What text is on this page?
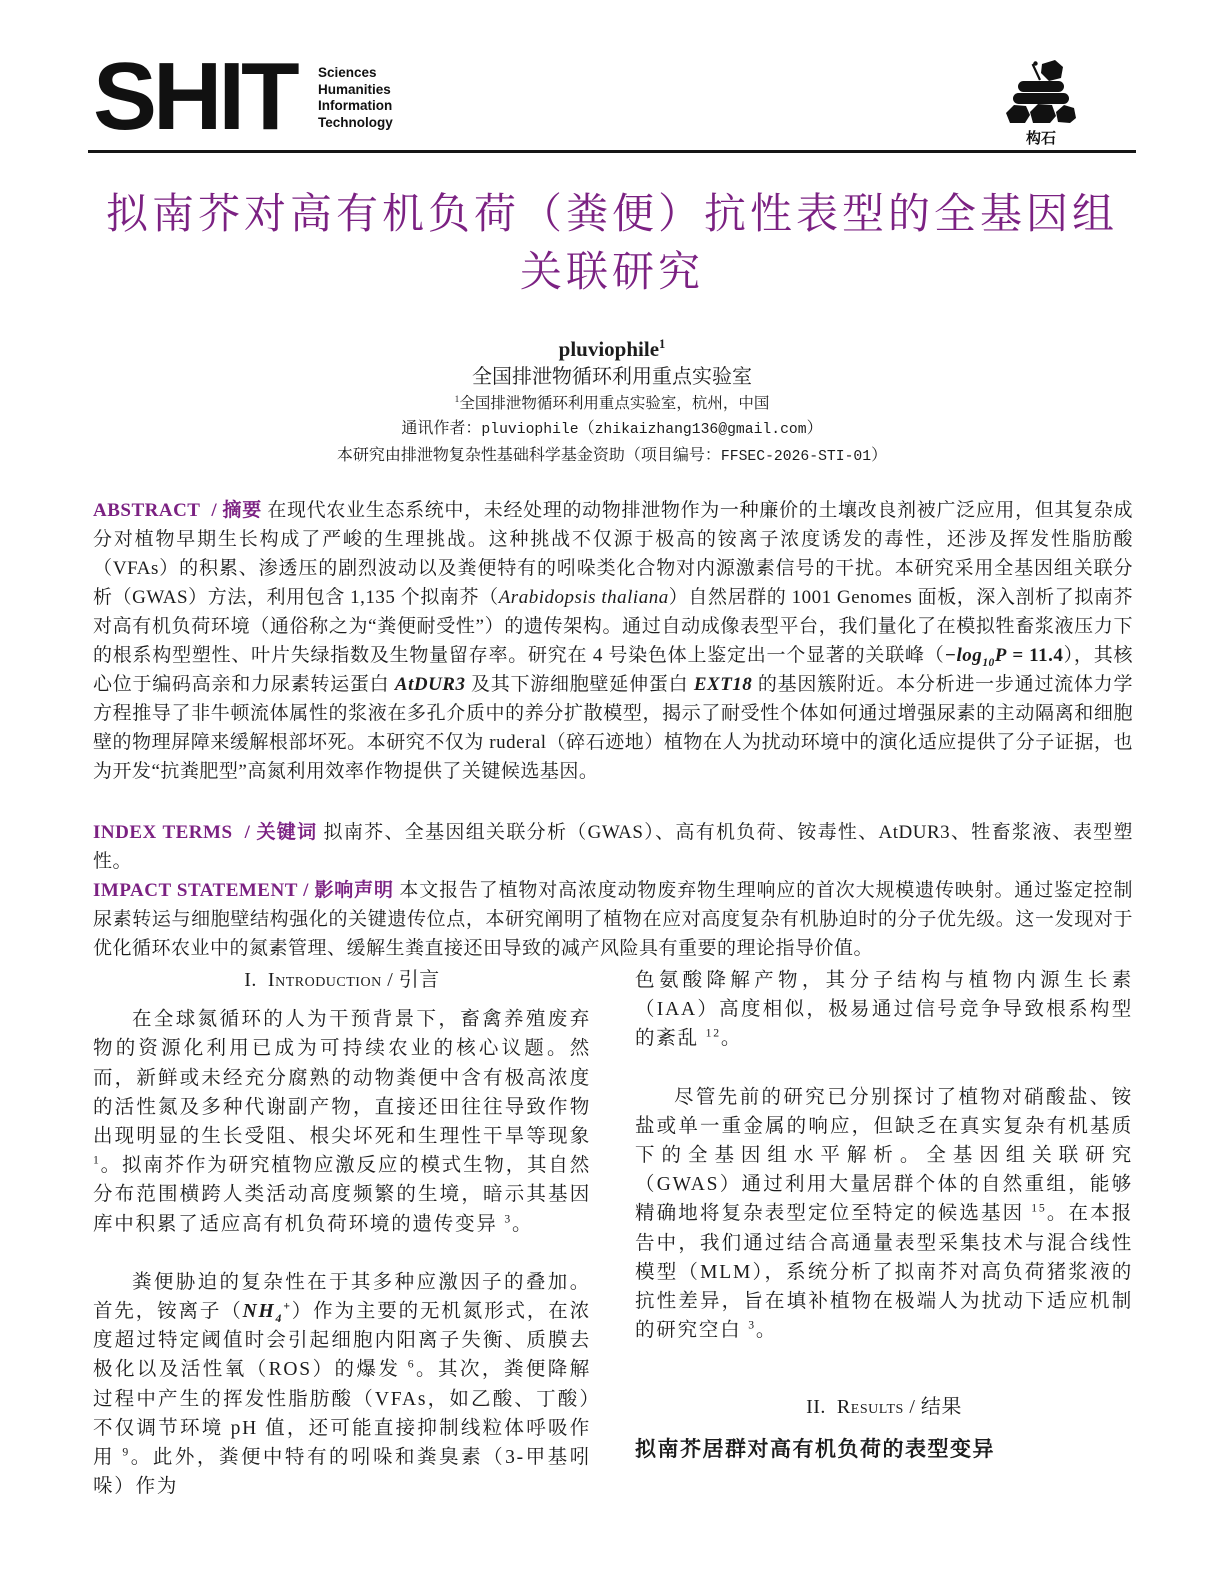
SHIT Sciences
Humanities
Information
Technology
构石
拟南芥对高有机负荷（粪便）抗性表型的全基因组关联研究
pluviophile$^1$
全国排泄物循环利用重点实验室
$^1$全国排泄物循环利用重点实验室，杭州，中国
通讯作者：pluviophile（zhikaizhang136@gmail.com）
本研究由排泄物复杂性基础科学基金资助（项目编号：FFSEC-2026-STI-01）

ABSTRACT  / 摘要 在现代农业生态系统中，未经处理的动物排泄物作为一种廉价的土壤改良剂被广泛应用，但其复杂成分对植物早期生长构成了严峻的生理挑战。这种挑战不仅源于极高的铵离子浓度诱发的毒性，还涉及挥发性脂肪酸（VFAs）的积累、渗透压的剧烈波动以及粪便特有的吲哚类化合物对内源激素信号的干扰。本研究采用全基因组关联分析（GWAS）方法，利用包含 1,135 个拟南芥（Arabidopsis thaliana）自然居群的 1001 Genomes 面板，深入剖析了拟南芥对高有机负荷环境（通俗称之为“粪便耐受性”）的遗传架构。通过自动成像表型平台，我们量化了在模拟牲畜浆液压力下的根系构型塑性、叶片失绿指数及生物量留存率。研究在 4 号染色体上鉴定出一个显著的关联峰$(-\log_{10}P = 11.4)$，其核心位于编码高亲和力尿素转运蛋白 AtDUR3 及其下游细胞壁延伸蛋白 EXT18 的基因簇附近。本分析进一步通过流体力学方程推导了非牛顿流体属性的浆液在多孔介质中的养分扩散模型，揭示了耐受性个体如何通过增强尿素的主动隔离和细胞壁的物理屏障来缓解根部坏死。本研究不仅为 ruderal（碎石迹地）植物在人为扰动环境中的演化适应提供了分子证据，也为开发“抗粪肥型”高氮利用效率作物提供了关键候选基因。

INDEX TERMS  / 关键词 拟南芥、全基因组关联分析（GWAS）、高有机负荷、铵毒性、AtDUR3、牲畜浆液、表型塑性。

IMPACT STATEMENT / 影响声明 本文报告了植物对高浓度动物废弃物生理响应的首次大规模遗传映射。通过鉴定控制尿素转运与细胞壁结构强化的关键遗传位点，本研究阐明了植物在应对高度复杂有机胁迫时的分子优先级。这一发现对于优化循环农业中的氮素管理、缓解生粪直接还田导致的减产风险具有重要的理论指导价值。

I.  Introduction / 引言

在全球氮循环的人为干预背景下，畜禽养殖废弃物的资源化利用已成为可持续农业的核心议题。然而，新鲜或未经充分腐熟的动物粪便中含有极高浓度的活性氮及多种代谢副产物，直接还田往往导致作物出现明显的生长受阻、根尖坏死和生理性干旱等现象 $^1$。拟南芥作为研究植物应激反应的模式生物，其自然分布范围横跨人类活动高度频繁的生境，暗示其基因库中积累了适应高有机负荷环境的遗传变异 $^3$。

粪便胁迫的复杂性在于其多种应激因子的叠加。首先，铵离子$(NH_4^+)$作为主要的无机氮形式，在浓度超过特定阈值时会引起细胞内阳离子失衡、质膜去极化以及活性氧（ROS）的爆发 $^6$。其次，粪便降解过程中产生的挥发性脂肪酸（VFAs，如乙酸、丁酸）不仅调节环境 pH 值，还可能直接抑制线粒体呼吸作用 $^9$。此外，粪便中特有的吲哚和粪臭素（3-甲基吲哚）作为

色氨酸降解产物，其分子结构与植物内源生长素（IAA）高度相似，极易通过信号竞争导致根系构型的紊乱 $^{12}$。

尽管先前的研究已分别探讨了植物对硝酸盐、铵盐或单一重金属的响应，但缺乏在真实复杂有机基质下的全基因组水平解析。全基因组关联研究（GWAS）通过利用大量居群个体的自然重组，能够精确地将复杂表型定位至特定的候选基因 $^{15}$。在本报告中，我们通过结合高通量表型采集技术与混合线性模型（MLM），系统分析了拟南芥对高负荷猪浆液的抗性差异，旨在填补植物在极端人为扰动下适应机制的研究空白 $^3$。

II.  Results / 结果
拟南芥居群对高有机负荷的表型变异
